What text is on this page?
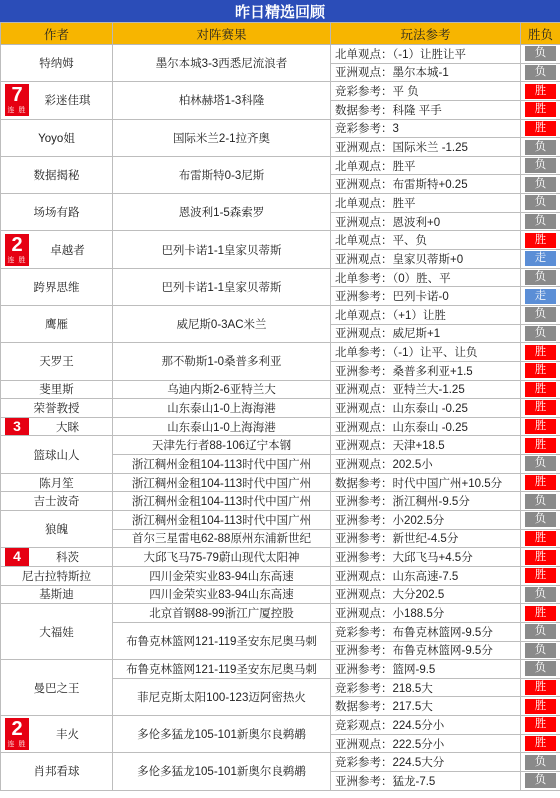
昨日精选回顾
作者	对阵赛果	玩法参考	胜负
特纳姆	墨尔本城3-3西悉尼流浪者	北单观点：（-1）让胜让平	负

		亚洲观点：墨尔本城-1	负

7
连 胜
彩迷佳琪	柏林赫塔1-3科隆	竞彩参考：平 负	胜

		数据参考：科隆 平手	胜

Yoyo姐	国际米兰2-1拉齐奥	竞彩参考：3	胜

		亚洲观点：国际米兰 -1.25	负

数据揭秘	布雷斯特0-3尼斯	北单观点：胜平	负

		亚洲观点：布雷斯特+0.25	负

场场有路	恩波利1-5森索罗	北单观点：胜平	负

		亚洲观点：恩波利+0	负

2
连 胜
卓越者	巴列卡诺1-1皇家贝蒂斯	北单观点：平、负	胜

		亚洲观点：皇家贝蒂斯+0	走

跨界思维	巴列卡诺1-1皇家贝蒂斯	北单参考：（0）胜、平	负

		亚洲参考：巴列卡诺-0	走

鹰雁	威尼斯0-3AC米兰	北单观点：（+1）让胜	负

		亚洲观点：威尼斯+1	负

天罗王	那不勒斯1-0桑普多利亚	北单参考：（-1）让平、让负	胜

		亚洲参考：桑普多利亚+1.5	胜

斐里斯	乌迪内斯2-6亚特兰大	亚洲观点：亚特兰大-1.25	胜

荣誉教授	山东泰山1-0上海海港	亚洲观点：山东泰山 -0.25	胜

3 大眯	山东泰山1-0上海海港	亚洲观点：山东泰山 -0.25	胜

篮球山人	天津先行者88-106辽宁本钢	亚洲观点：天津+18.5	胜

	浙江稠州金租104-113时代中国广州	亚洲观点：202.5小	负

陈月笙	浙江稠州金租104-113时代中国广州	数据参考：时代中国广州+10.5分	胜

吉士波奇	浙江稠州金租104-113时代中国广州	亚洲参考：浙江稠州-9.5分	负

狼魄	浙江稠州金租104-113时代中国广州	亚洲参考：小202.5分	负

	首尔三星雷电62-88原州东浦新世纪	亚洲参考：新世纪-4.5分	胜

4 科茨	大邱飞马75-79蔚山现代太阳神	亚洲参考：大邱飞马+4.5分	胜

尼古拉特斯拉	四川金荣实业83-94山东高速	亚洲观点：山东高速-7.5	胜

基斯迪	四川金荣实业83-94山东高速	亚洲观点：大分202.5	负

大福娃	北京首钢88-99浙江广厦控股	亚洲观点：小188.5分	胜

	布鲁克林篮网121-119圣安东尼奥马刺	竞彩参考：布鲁克林篮网-9.5分	负

		亚洲参考：布鲁克林篮网-9.5分	负

曼巴之王	布鲁克林篮网121-119圣安东尼奥马刺	亚洲参考：篮网-9.5	负

	菲尼克斯太阳100-123迈阿密热火	竞彩参考：218.5大	胜

		数据参考：217.5大	胜

2
连 胜
丰火	多伦多猛龙105-101新奥尔良鹈鹕	竞彩观点：224.5分小	胜

		亚洲观点：222.5分小	胜

肖邦看球	多伦多猛龙105-101新奥尔良鹈鹕	竞彩参考：224.5大分	负

		亚洲参考：猛龙-7.5	负
